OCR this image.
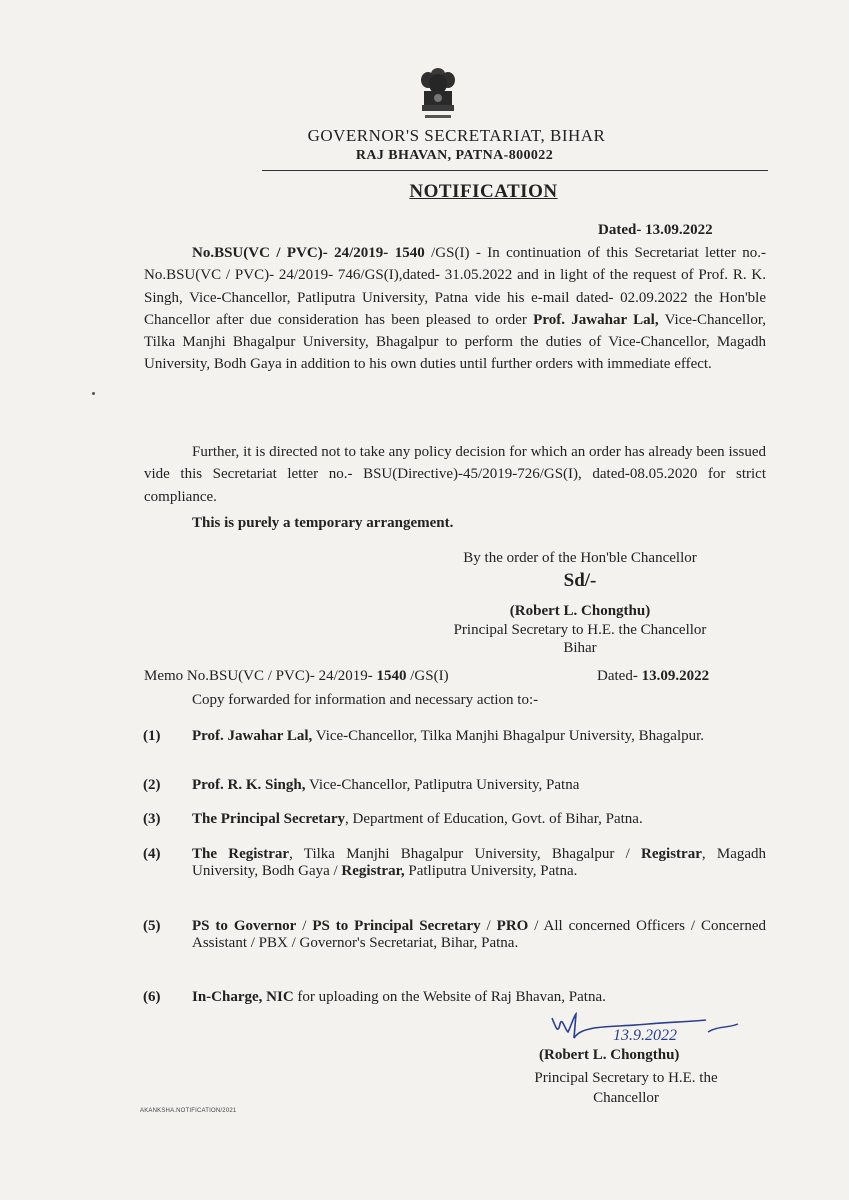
GOVERNOR'S SECRETARIAT, BIHAR
RAJ BHAVAN, PATNA-800022
NOTIFICATION
Dated- 13.09.2022
No.BSU(VC / PVC)- 24/2019- 1540 /GS(I) - In continuation of this Secretariat letter no.- No.BSU(VC / PVC)- 24/2019- 746/GS(I),dated- 31.05.2022 and in light of the request of Prof. R. K. Singh, Vice-Chancellor, Patliputra University, Patna vide his e-mail dated- 02.09.2022 the Hon'ble Chancellor after due consideration has been pleased to order Prof. Jawahar Lal, Vice-Chancellor, Tilka Manjhi Bhagalpur University, Bhagalpur to perform the duties of Vice-Chancellor, Magadh University, Bodh Gaya in addition to his own duties until further orders with immediate effect.
Further, it is directed not to take any policy decision for which an order has already been issued vide this Secretariat letter no.- BSU(Directive)-45/2019-726/GS(I), dated-08.05.2020 for strict compliance.
This is purely a temporary arrangement.
By the order of the Hon'ble Chancellor
Sd/-
(Robert L. Chongthu)
Principal Secretary to H.E. the Chancellor
Bihar
Memo No.BSU(VC / PVC)- 24/2019- 1540 /GS(I)	Dated- 13.09.2022
Copy forwarded for information and necessary action to:-
(1) Prof. Jawahar Lal, Vice-Chancellor, Tilka Manjhi Bhagalpur University, Bhagalpur.
(2) Prof. R. K. Singh, Vice-Chancellor, Patliputra University, Patna
(3) The Principal Secretary, Department of Education, Govt. of Bihar, Patna.
(4) The Registrar, Tilka Manjhi Bhagalpur University, Bhagalpur / Registrar, Magadh University, Bodh Gaya / Registrar, Patliputra University, Patna.
(5) PS to Governor / PS to Principal Secretary / PRO / All concerned Officers / Concerned Assistant / PBX / Governor's Secretariat, Bihar, Patna.
(6) In-Charge, NIC for uploading on the Website of Raj Bhavan, Patna.
13.9.2022
(Robert L. Chongthu)
Principal Secretary to H.E. the
Chancellor
AKANKSHA.NOTIFICATION/2021
